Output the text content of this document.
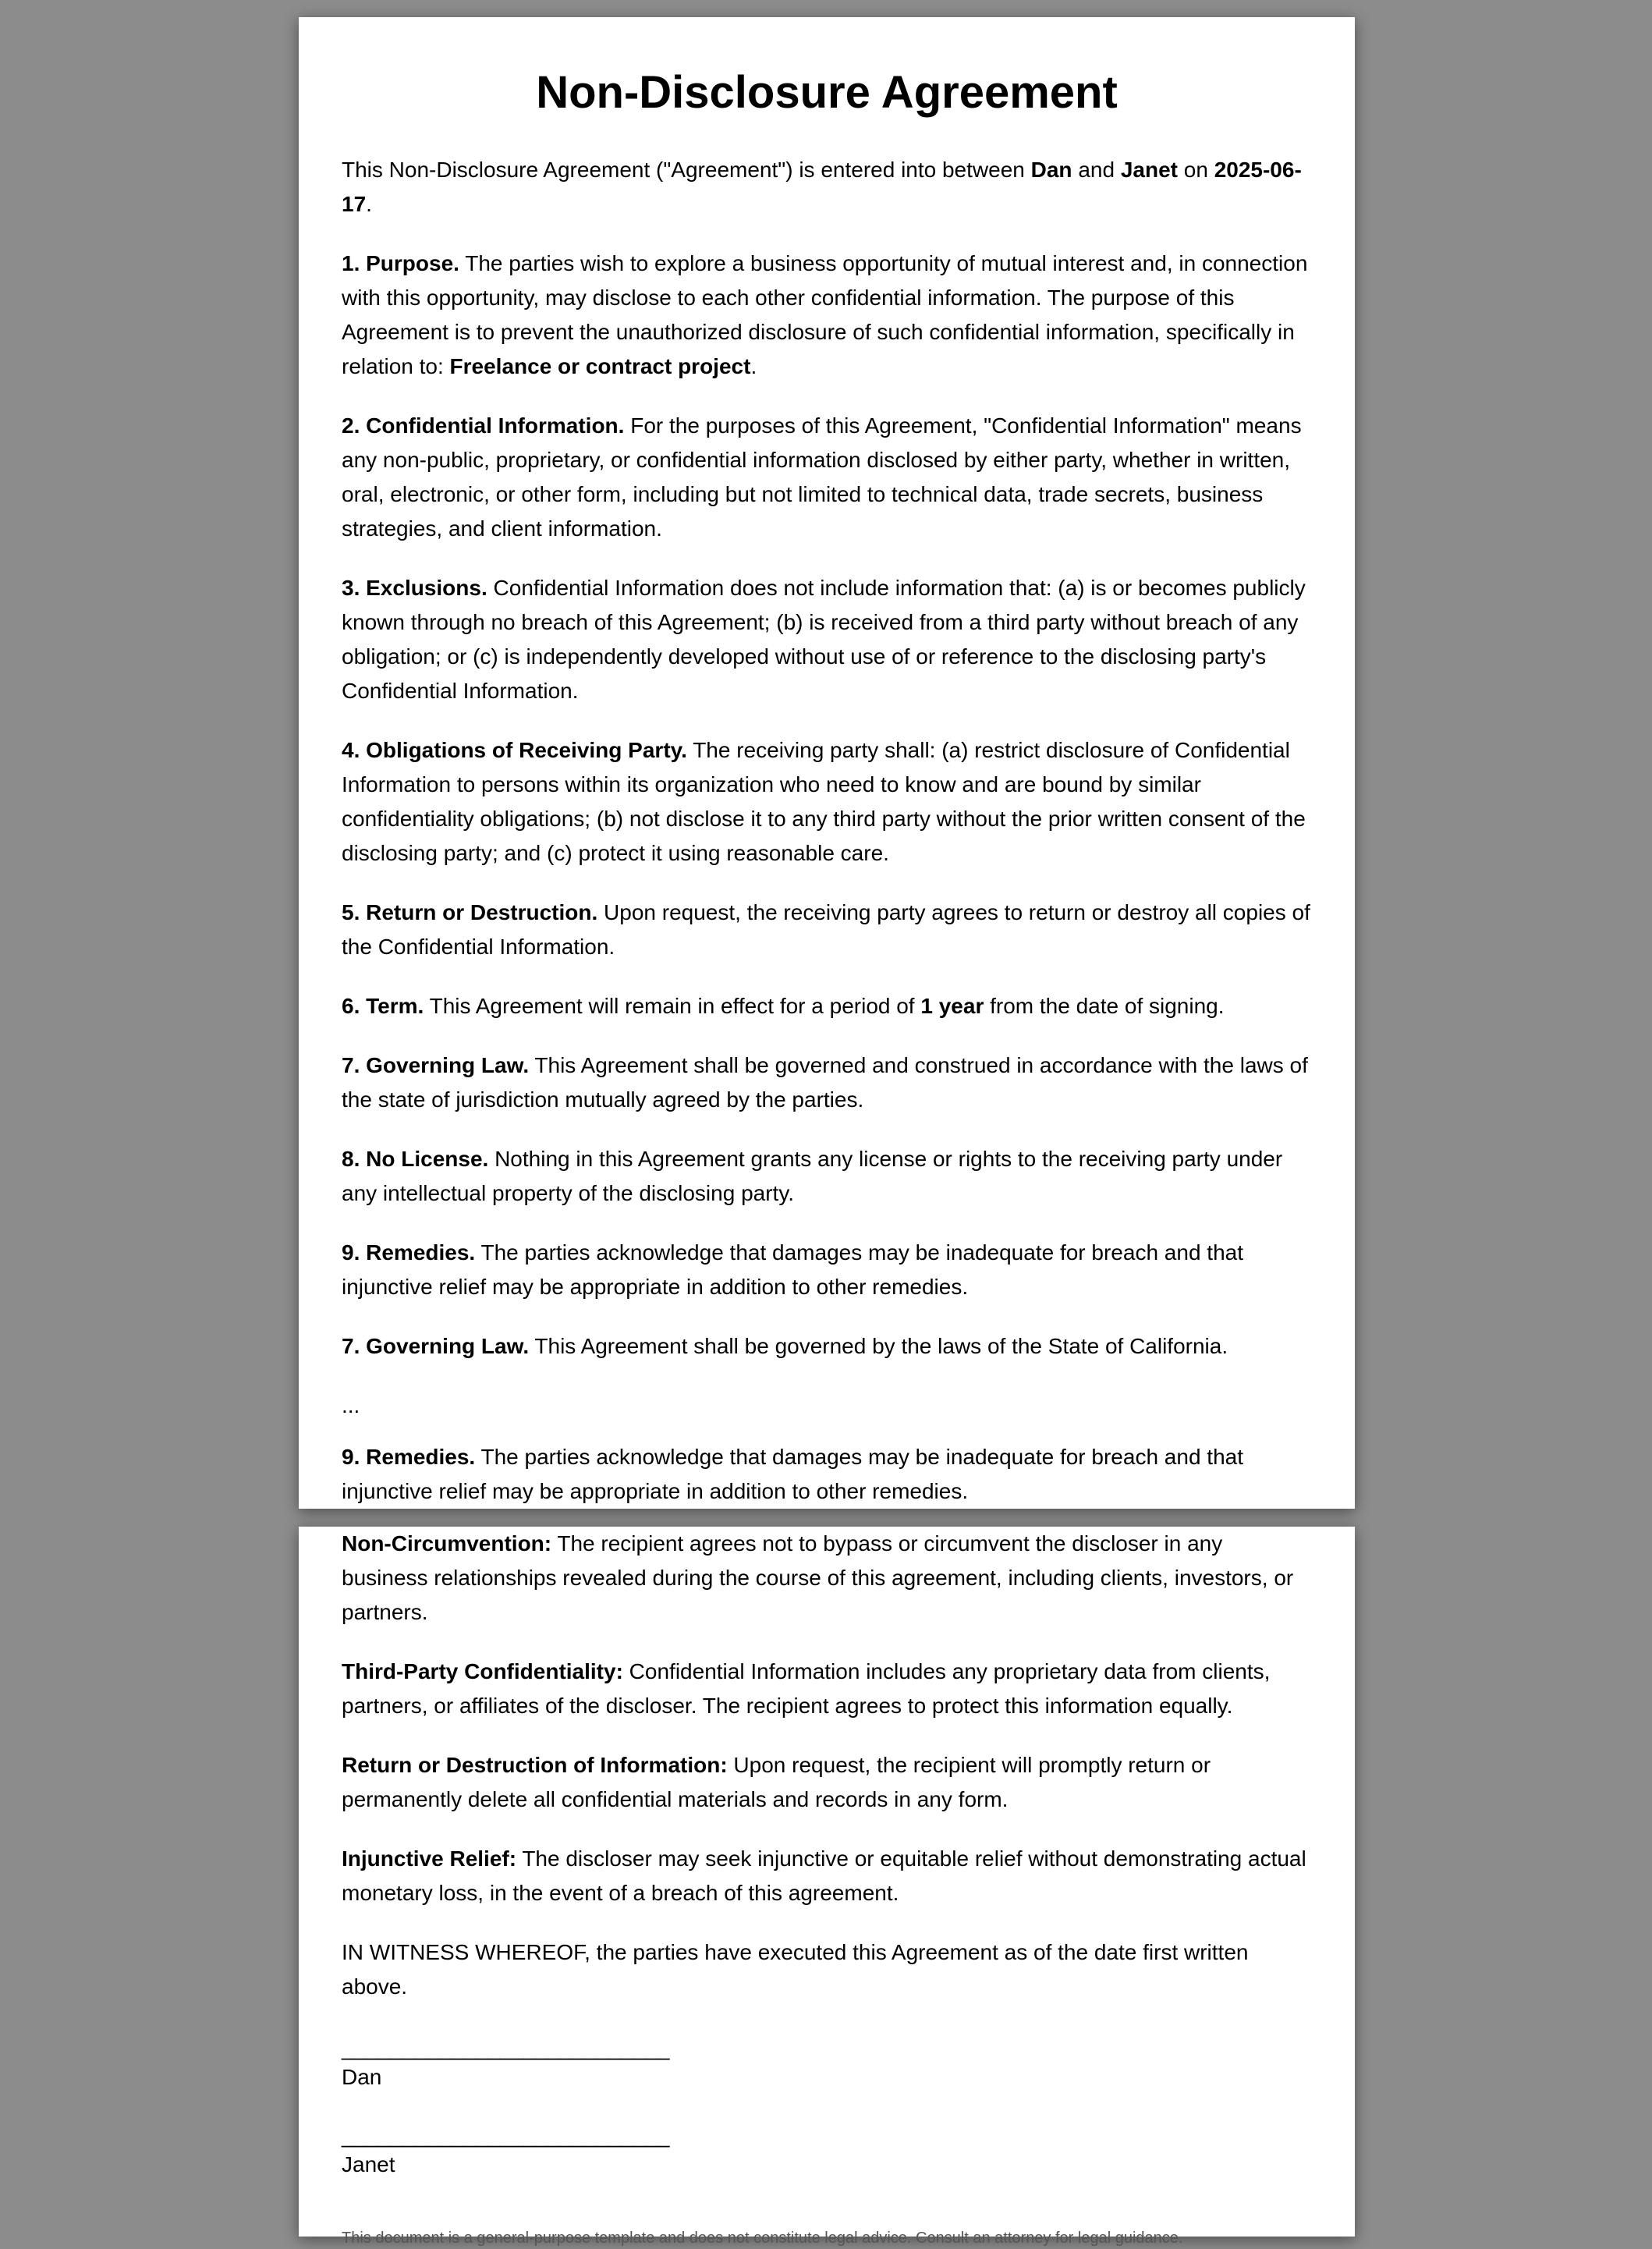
Non-Disclosure Agreement

This Non-Disclosure Agreement ("Agreement") is entered into between Dan and Janet on 2025-06-17.

1. Purpose. The parties wish to explore a business opportunity of mutual interest and, in connection with this opportunity, may disclose to each other confidential information. The purpose of this Agreement is to prevent the unauthorized disclosure of such confidential information, specifically in relation to: Freelance or contract project.

2. Confidential Information. For the purposes of this Agreement, "Confidential Information" means any non-public, proprietary, or confidential information disclosed by either party, whether in written, oral, electronic, or other form, including but not limited to technical data, trade secrets, business strategies, and client information.

3. Exclusions. Confidential Information does not include information that: (a) is or becomes publicly known through no breach of this Agreement; (b) is received from a third party without breach of any obligation; or (c) is independently developed without use of or reference to the disclosing party's Confidential Information.

4. Obligations of Receiving Party. The receiving party shall: (a) restrict disclosure of Confidential Information to persons within its organization who need to know and are bound by similar confidentiality obligations; (b) not disclose it to any third party without the prior written consent of the disclosing party; and (c) protect it using reasonable care.

5. Return or Destruction. Upon request, the receiving party agrees to return or destroy all copies of the Confidential Information.

6. Term. This Agreement will remain in effect for a period of 1 year from the date of signing.

7. Governing Law. This Agreement shall be governed and construed in accordance with the laws of the state of jurisdiction mutually agreed by the parties.

8. No License. Nothing in this Agreement grants any license or rights to the receiving party under any intellectual property of the disclosing party.

9. Remedies. The parties acknowledge that damages may be inadequate for breach and that injunctive relief may be appropriate in addition to other remedies.

7. Governing Law. This Agreement shall be governed by the laws of the State of California.

...

9. Remedies. The parties acknowledge that damages may be inadequate for breach and that injunctive relief may be appropriate in addition to other remedies.

Non-Circumvention: The recipient agrees not to bypass or circumvent the discloser in any business relationships revealed during the course of this agreement, including clients, investors, or partners.

Third-Party Confidentiality: Confidential Information includes any proprietary data from clients, partners, or affiliates of the discloser. The recipient agrees to protect this information equally.

Return or Destruction of Information: Upon request, the recipient will promptly return or permanently delete all confidential materials and records in any form.

Injunctive Relief: The discloser may seek injunctive or equitable relief without demonstrating actual monetary loss, in the event of a breach of this agreement.

IN WITNESS WHEREOF, the parties have executed this Agreement as of the date first written above.

___________________________
Dan
___________________________
Janet
This document is a general-purpose template and does not constitute legal advice. Consult an attorney for legal guidance.
